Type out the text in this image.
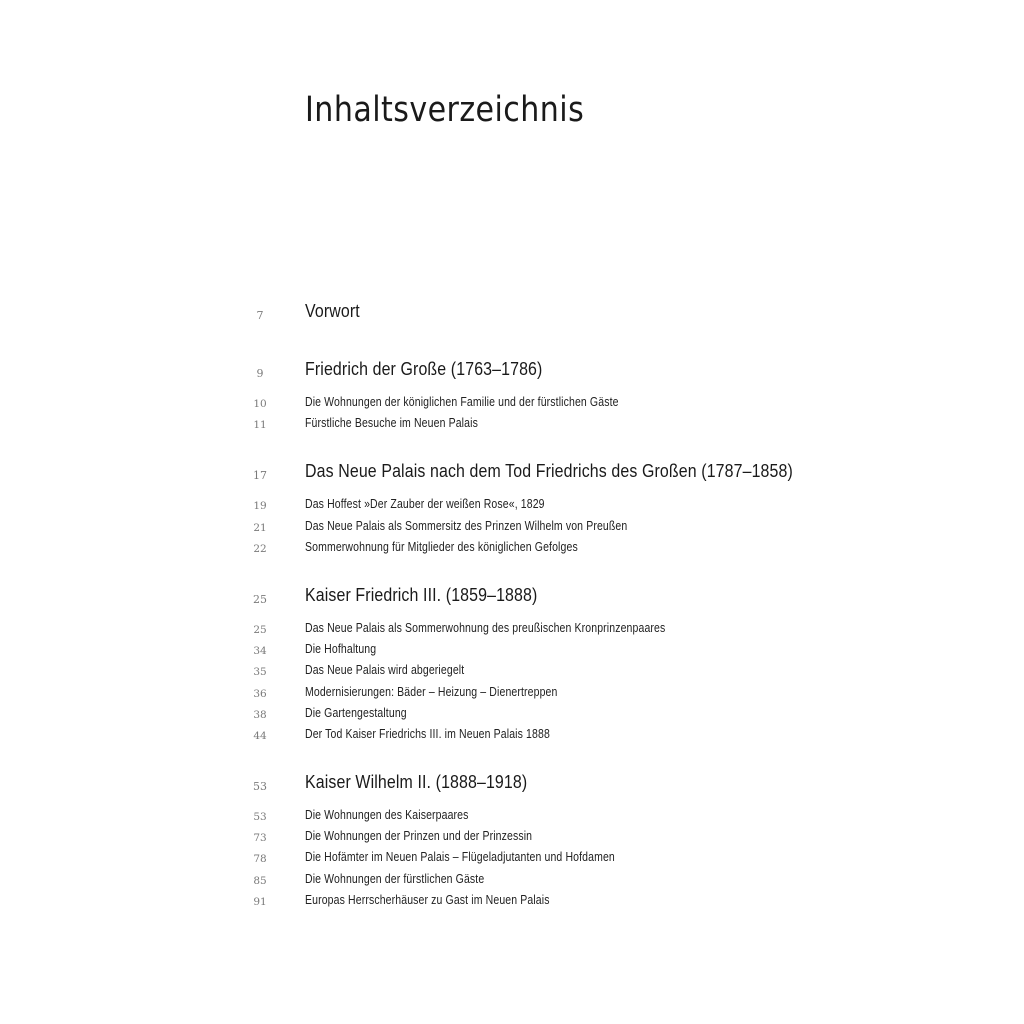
Inhaltsverzeichnis
7	Vorwort
9	Friedrich der Große (1763–1786)
10	Die Wohnungen der königlichen Familie und der fürstlichen Gäste
11	Fürstliche Besuche im Neuen Palais
17	Das Neue Palais nach dem Tod Friedrichs des Großen (1787–1858)
19	Das Hoffest »Der Zauber der weißen Rose«, 1829
21	Das Neue Palais als Sommersitz des Prinzen Wilhelm von Preußen
22	Sommerwohnung für Mitglieder des königlichen Gefolges
25	Kaiser Friedrich III. (1859–1888)
25	Das Neue Palais als Sommerwohnung des preußischen Kronprinzenpaares
34	Die Hofhaltung
35	Das Neue Palais wird abgeriegelt
36	Modernisierungen: Bäder – Heizung – Dienertreppen
38	Die Gartengestaltung
44	Der Tod Kaiser Friedrichs III. im Neuen Palais 1888
53	Kaiser Wilhelm II. (1888–1918)
53	Die Wohnungen des Kaiserpaares
73	Die Wohnungen der Prinzen und der Prinzessin
78	Die Hofämter im Neuen Palais – Flügeladjutanten und Hofdamen
85	Die Wohnungen der fürstlichen Gäste
91	Europas Herrscherhäuser zu Gast im Neuen Palais
